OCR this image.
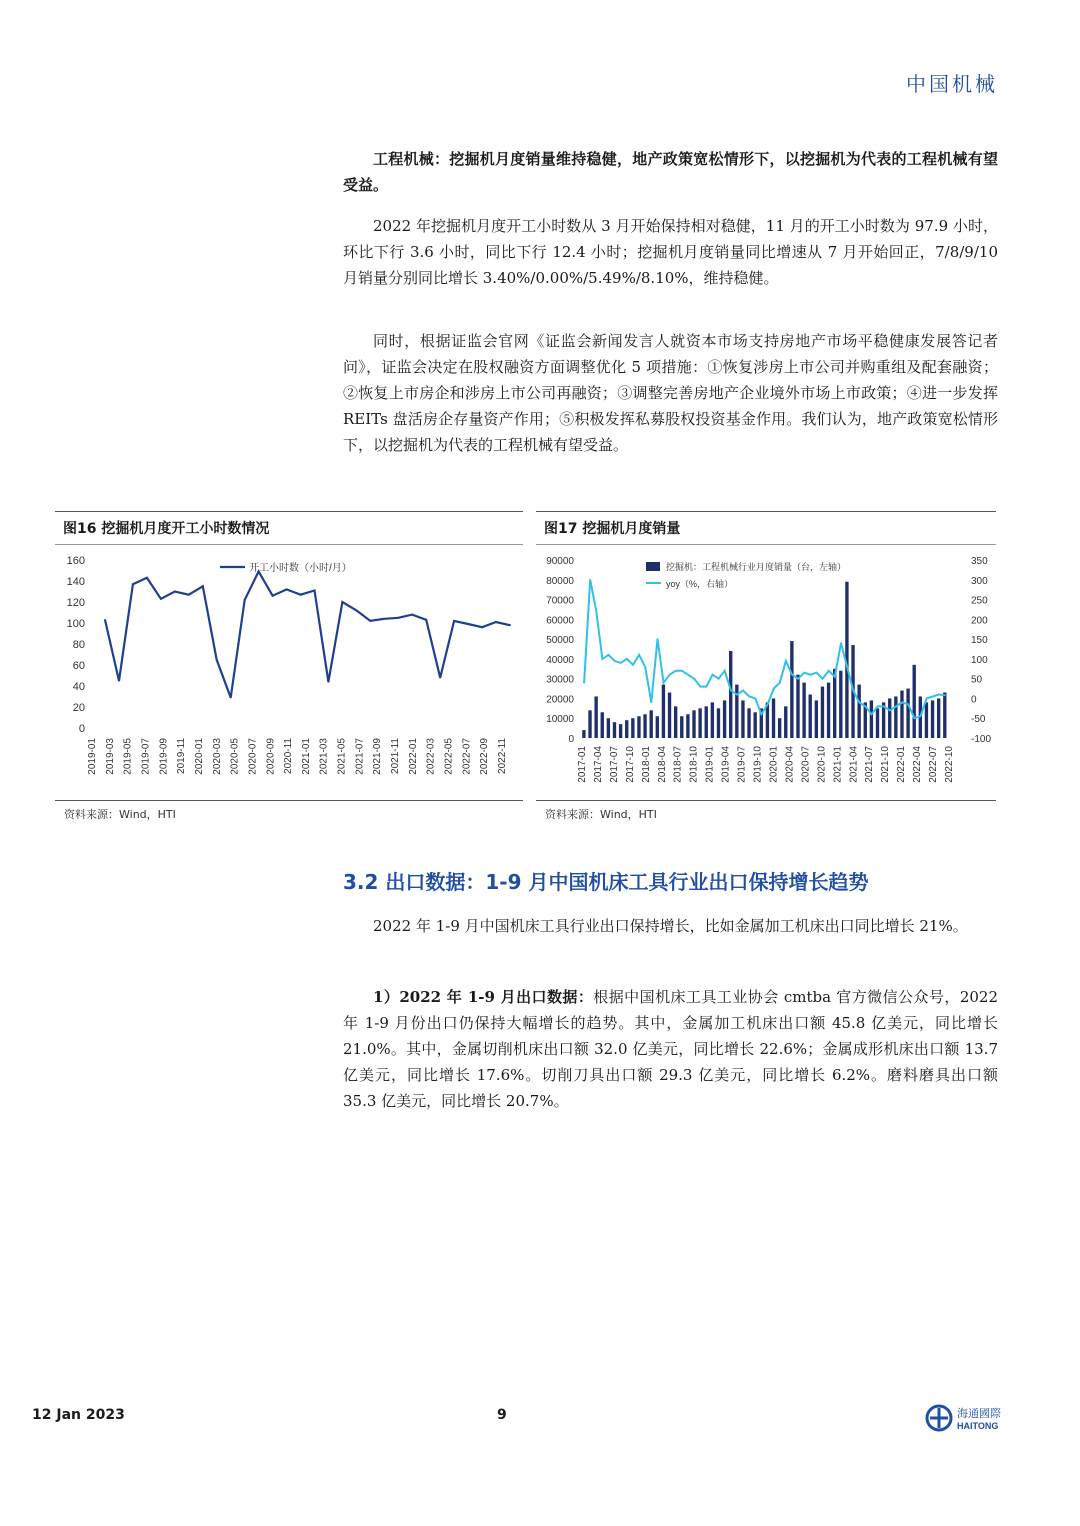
中国机械

工程机械：挖掘机月度销量维持稳健，地产政策宽松情形下，以挖掘机为代表的工程机械有望受益。

2022 年挖掘机月度开工小时数从 3 月开始保持相对稳健，11 月的开工小时数为 97.9 小时，环比下行 3.6 小时，同比下行 12.4 小时；挖掘机月度销量同比增速从 7 月开始回正，7/8/9/10 月销量分别同比增长 3.40%/0.00%/5.49%/8.10%，维持稳健。

同时，根据证监会官网《证监会新闻发言人就资本市场支持房地产市场平稳健康发展答记者问》，证监会决定在股权融资方面调整优化 5 项措施：①恢复涉房上市公司并购重组及配套融资；②恢复上市房企和涉房上市公司再融资；③调整完善房地产企业境外市场上市政策；④进一步发挥 REITs 盘活房企存量资产作用；⑤积极发挥私募股权投资基金作用。我们认为，地产政策宽松情形下，以挖掘机为代表的工程机械有望受益。

图16 挖掘机月度开工小时数情况
0
20
40
60
80
100
120
140
160
2019-01 2019-03 2019-05 2019-07 2019-09 2019-11 2020-01 2020-03 2020-05 2020-07 2020-09 2020-11 2021-01 2021-03 2021-05 2021-07 2021-09 2021-11 2022-01 2022-03 2022-05 2022-07 2022-09 2022-11
开工小时数（小时/月）
资料来源：Wind，HTI
图17 挖掘机月度销量
0
10000
20000
30000
40000
50000
60000
70000
80000
90000
-100
-50
0
50
100
150
200
250
300
350
2017-01 2017-04 2017-07 2017-10 2018-01 2018-04 2018-07 2018-10 2019-01 2019-04 2019-07 2019-10 2020-01 2020-04 2020-07 2020-10 2021-01 2021-04 2021-07 2021-10 2022-01 2022-04 2022-07 2022-10
挖掘机：工程机械行业月度销量（台，左轴）
yoy（%，右轴）
资料来源：Wind，HTI
3.2 出口数据：1-9 月中国机床工具行业出口保持增长趋势

2022 年 1-9 月中国机床工具行业出口保持增长，比如金属加工机床出口同比增长 21%。

1）2022 年 1-9 月出口数据：根据中国机床工具工业协会 cmtba 官方微信公众号，2022 年 1-9 月份出口仍保持大幅增长的趋势。其中，金属加工机床出口额 45.8 亿美元，同比增长 21.0%。其中，金属切削机床出口额 32.0 亿美元，同比增长 22.6%；金属成形机床出口额 13.7 亿美元，同比增长 17.6%。切削刀具出口额 29.3 亿美元，同比增长 6.2%。磨料磨具出口额 35.3 亿美元，同比增长 20.7%。

12 Jan 2023	9	海通國際
HAITONG
